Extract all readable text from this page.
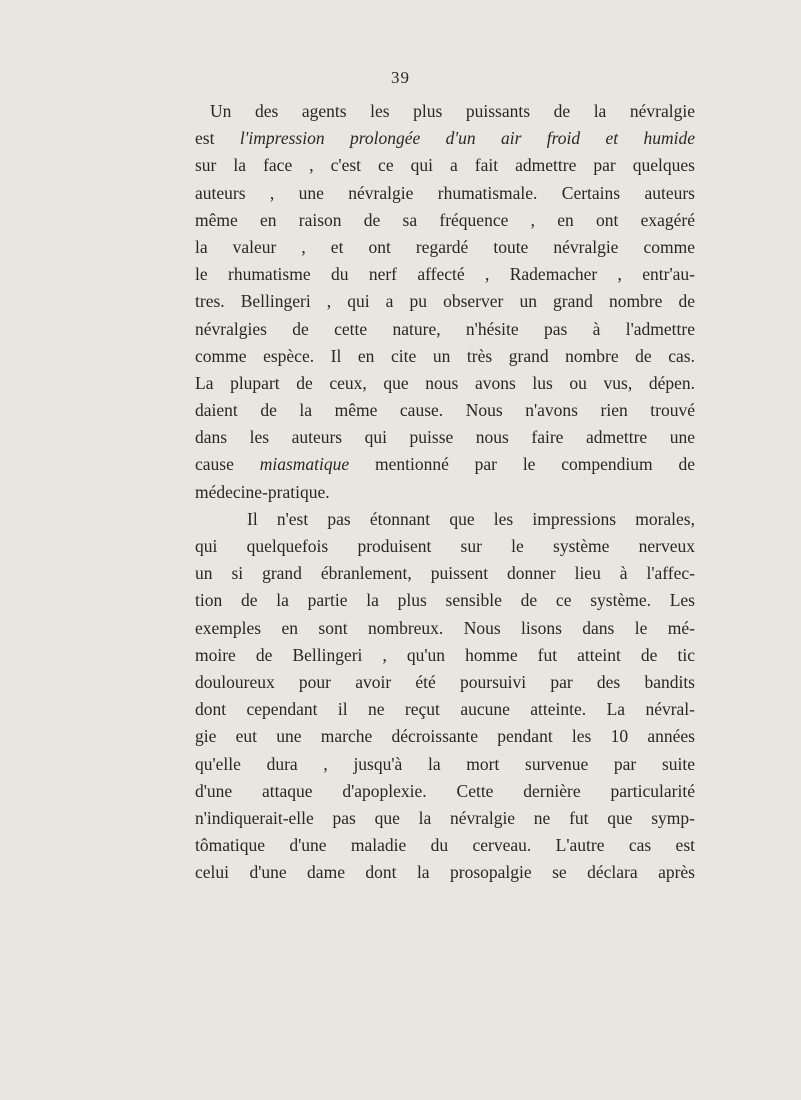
39
Un des agents les plus puissants de la névralgie
est l'impression prolongée d'un air froid et humide
sur la face , c'est ce qui a fait admettre par quelques
auteurs , une névralgie rhumatismale. Certains auteurs
même en raison de sa fréquence , en ont exagéré
la valeur , et ont regardé toute névralgie comme
le rhumatisme du nerf affecté , Rademacher , entr'au-
tres. Bellingeri , qui a pu observer un grand nombre de
névralgies de cette nature, n'hésite pas à l'admettre
comme espèce. Il en cite un très grand nombre de cas.
La plupart de ceux, que nous avons lus ou vus, dépen.
daient de la même cause. Nous n'avons rien trouvé
dans les auteurs qui puisse nous faire admettre une
cause miasmatique mentionné par le compendium de
médecine-pratique.
Il n'est pas étonnant que les impressions morales,
qui quelquefois produisent sur le système nerveux
un si grand ébranlement, puissent donner lieu à l'affec-
tion de la partie la plus sensible de ce système. Les
exemples en sont nombreux. Nous lisons dans le mé-
moire de Bellingeri , qu'un homme fut atteint de tic
douloureux pour avoir été poursuivi par des bandits
dont cependant il ne reçut aucune atteinte. La névral-
gie eut une marche décroissante pendant les 10 années
qu'elle dura , jusqu'à la mort survenue par suite
d'une attaque d'apoplexie. Cette dernière particularité
n'indiquerait-elle pas que la névralgie ne fut que symp-
tômatique d'une maladie du cerveau. L'autre cas est
celui d'une dame dont la prosopalgie se déclara après
